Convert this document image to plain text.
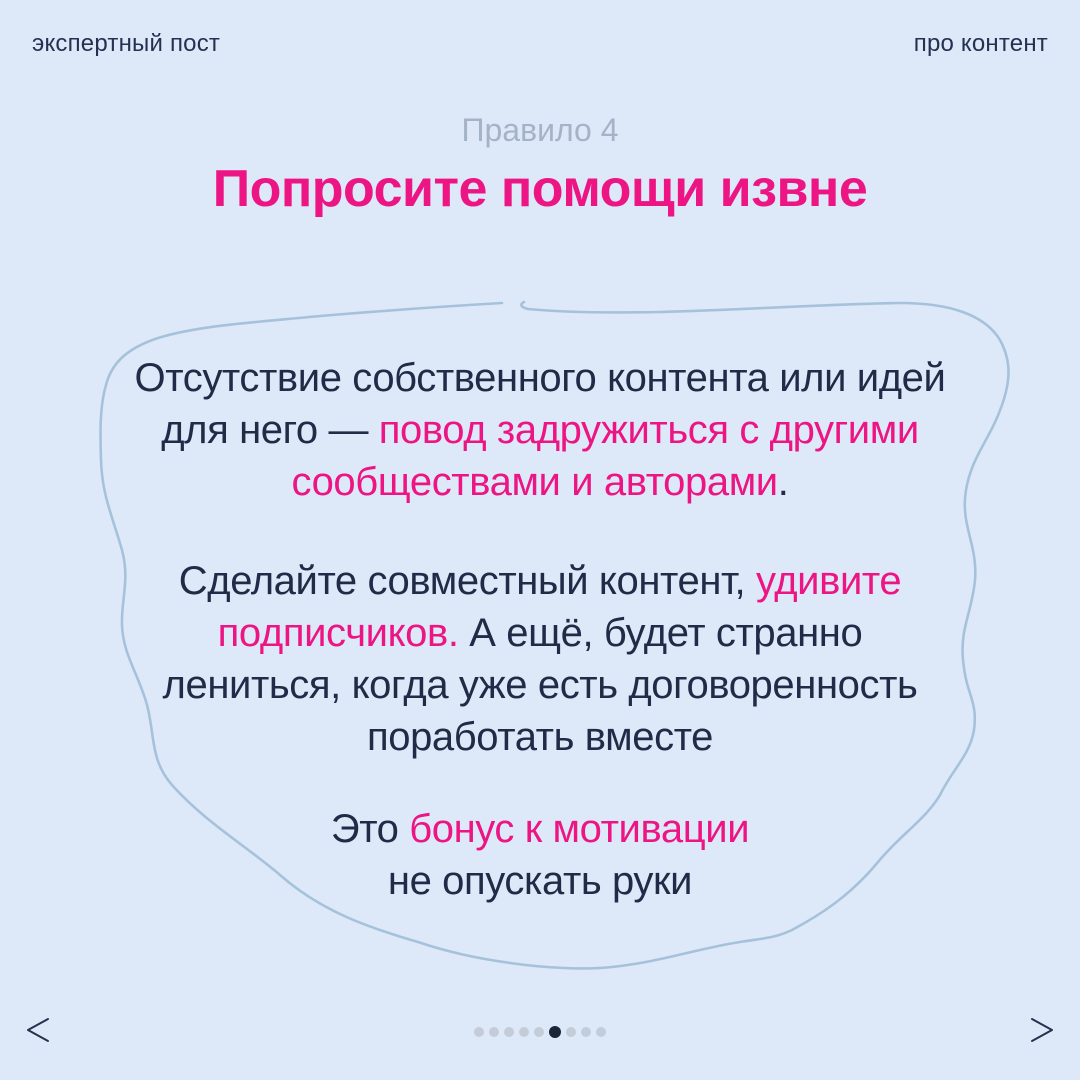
экспертный пост	про контент
Правило 4
Попросите помощи извне

Отсутствие собственного контента или идей
для него — повод задружиться с другими
сообществами и авторами.

Сделайте совместный контент, удивите
подписчиков. А ещё, будет странно
лениться, когда уже есть договоренность
поработать вместе

Это бонус к мотивации
не опускать руки
